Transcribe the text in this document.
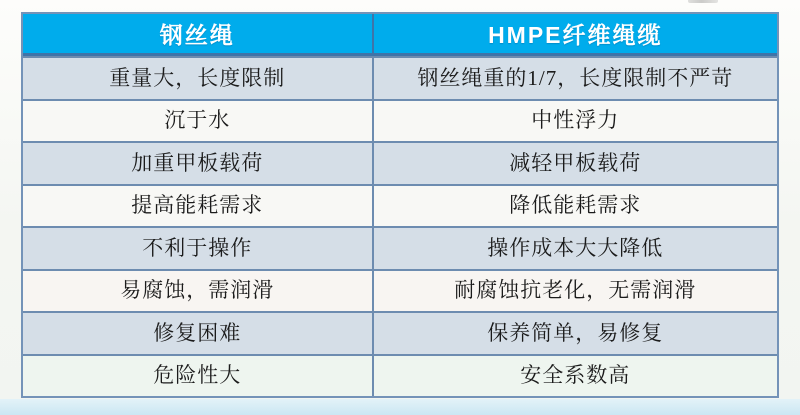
钢丝绳	HMPE纤维绳缆
重量大，长度限制	钢丝绳重的1/7，长度限制不严苛
沉于水	中性浮力
加重甲板载荷	减轻甲板载荷
提高能耗需求	降低能耗需求
不利于操作	操作成本大大降低
易腐蚀，需润滑	耐腐蚀抗老化，无需润滑
修复困难	保养简单，易修复
危险性大	安全系数高
